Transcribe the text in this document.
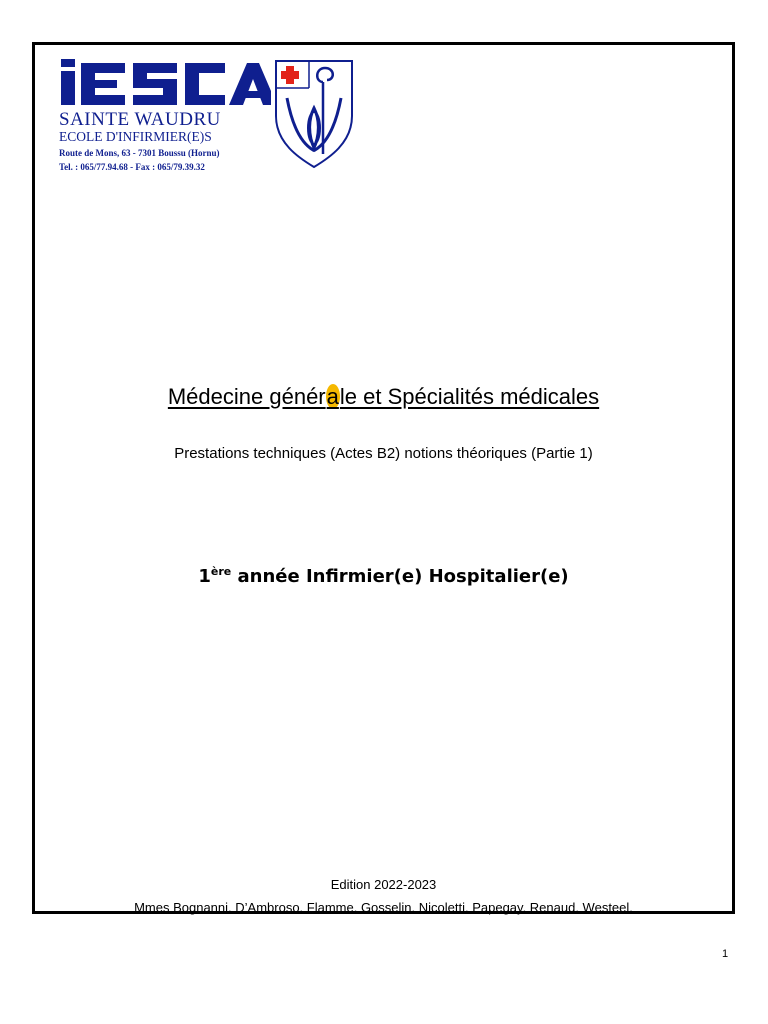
SAINTE WAUDRU

ECOLE D'INFIRMIER(E)S

Route de Mons, 63 - 7301 Boussu (Hornu)

Tel. : 065/77.94.68 - Fax : 065/79.39.32

Médecine générale et Spécialités médicales

Prestations techniques (Actes B2) notions théoriques (Partie 1)

1ère année Infirmier(e) Hospitalier(e)

Edition 2022-2023

Mmes Bognanni, D’Ambroso, Flamme, Gosselin, Nicoletti, Papegay, Renaud, Westeel.

1
